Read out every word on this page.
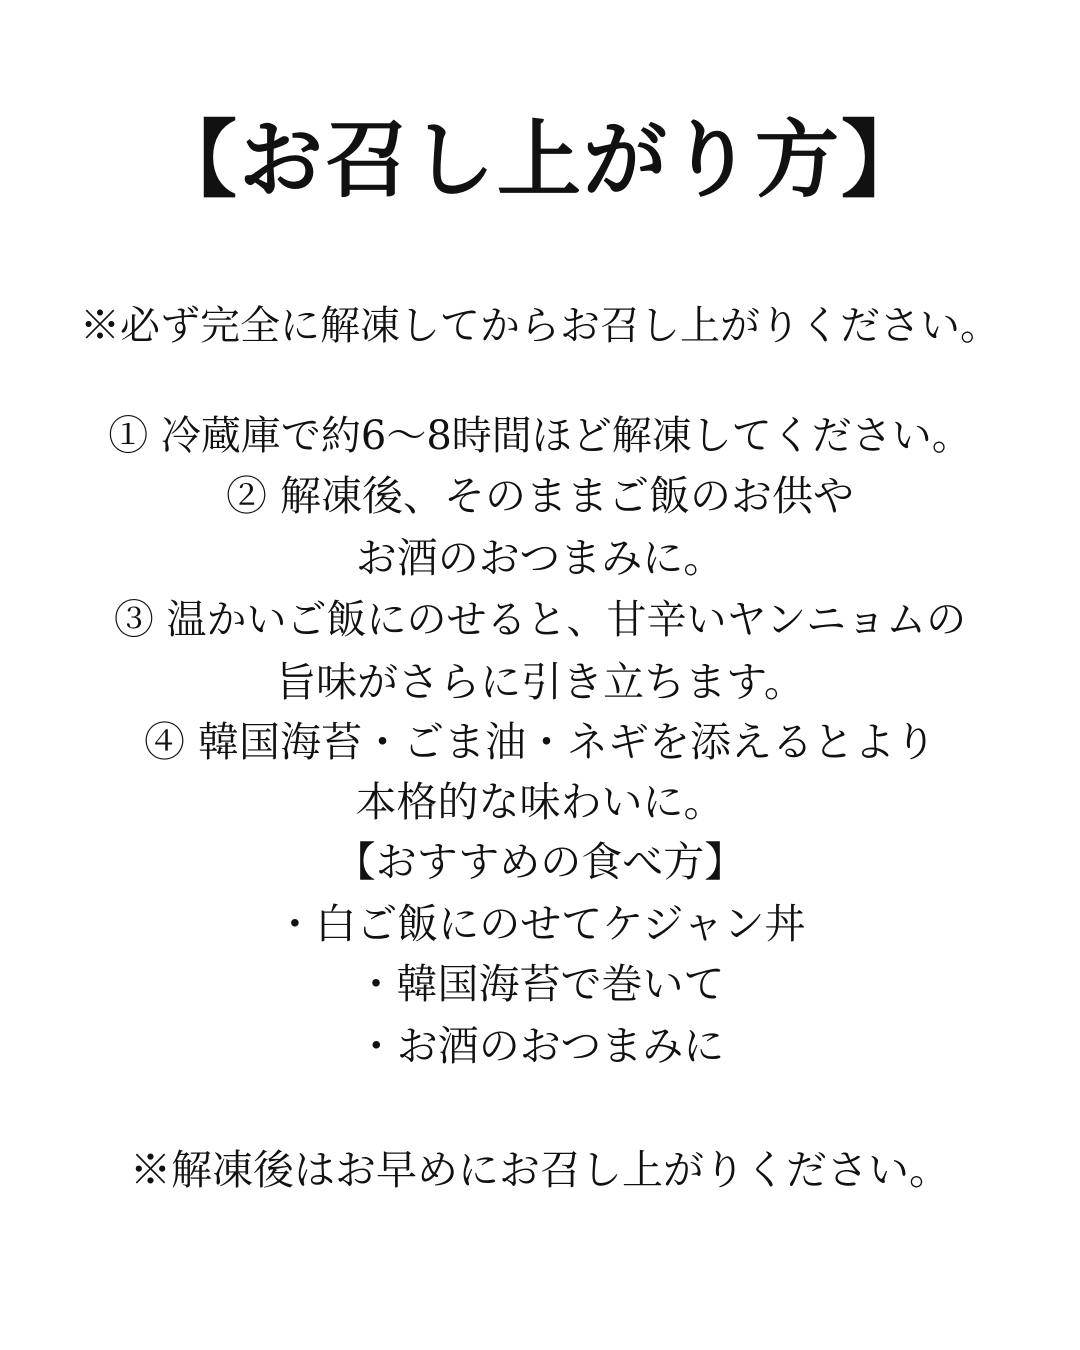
【お召し上がり方】
※必ず完全に解凍してからお召し上がりください。
① 冷蔵庫で約6〜8時間ほど解凍してください。
② 解凍後、そのままご飯のお供や
お酒のおつまみに。
③ 温かいご飯にのせると、甘辛いヤンニョムの
旨味がさらに引き立ちます。
④ 韓国海苔・ごま油・ネギを添えるとより
本格的な味わいに。
【おすすめの食べ方】
・白ご飯にのせてケジャン丼
・韓国海苔で巻いて
・お酒のおつまみに
※解凍後はお早めにお召し上がりください。
